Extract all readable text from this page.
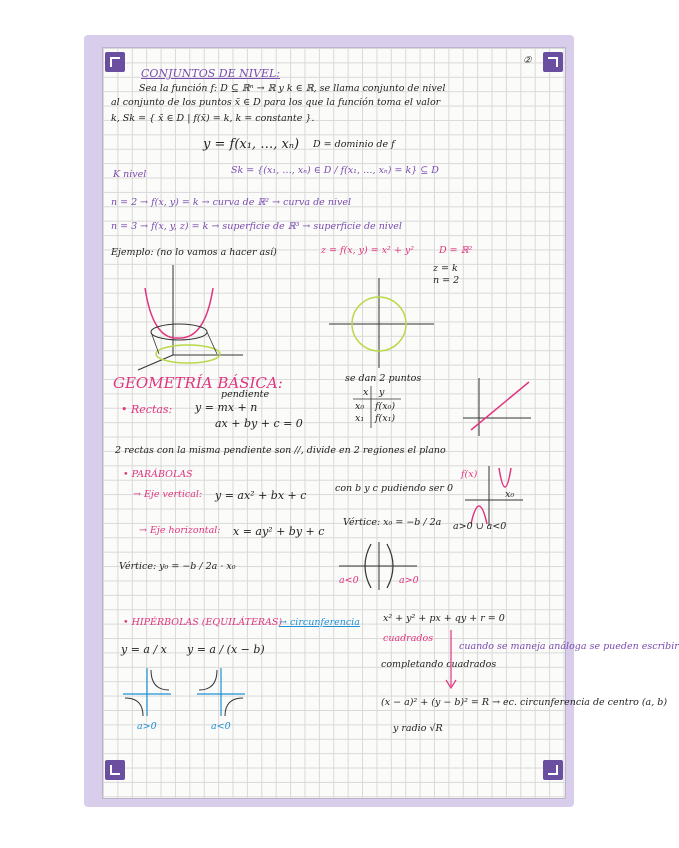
②
CONJUNTOS DE NIVEL:
Sea la función f: D ⊆ ℝⁿ → ℝ y k ∈ ℝ, se llama conjunto de nivel
al conjunto de los puntos x̄ ∈ D para los que la función toma el valor
k, Sk = { x̄ ∈ D | f(x̄) = k, k = constante }.
y = f(x₁, …, xₙ) D = dominio de f
K nivel	Sk = {(x₁, …, xₙ) ∈ D / f(x₁, …, xₙ) = k} ⊆ D
n = 2 → f(x, y) = k → curva de ℝ² → curva de nivel
n = 3 → f(x, y, z) = k → superficie de ℝ³ → superficie de nivel
Ejemplo: (no lo vamos a hacer así)	z = f(x, y) = x² + y²	D = ℝ²
z = k
n = 2
GEOMETRÍA BÁSICA:
• Rectas:
pendiente
y = mx + n
ax + by + c = 0
se dan 2 puntos
x y
x₀ f(x₀)
x₁ f(x₁)
2 rectas con la misma pendiente son //, divide en 2 regiones el plano
• PARÁBOLAS
→ Eje vertical: y = ax² + bx + c
con b y c pudiendo ser 0
f(x)
x₀
Vértice: x₀ = −b / 2a a>0 ∪ a<0
→ Eje horizontal: x = ay² + by + c
Vértice: y₀ = −b / 2a · x₀
a<0	a>0
• HIPÉRBOLAS (EQUILÁTERAS)
→ circunferencia
y = a / x y = a / (x − b)
a>0	a<0
x² + y² + px + qy + r = 0
cuadrados
completando cuadrados
cuando se maneja análoga se pueden escribir
(x − a)² + (y − b)² = R → ec. circunferencia de centro (a, b)
y radio √R
